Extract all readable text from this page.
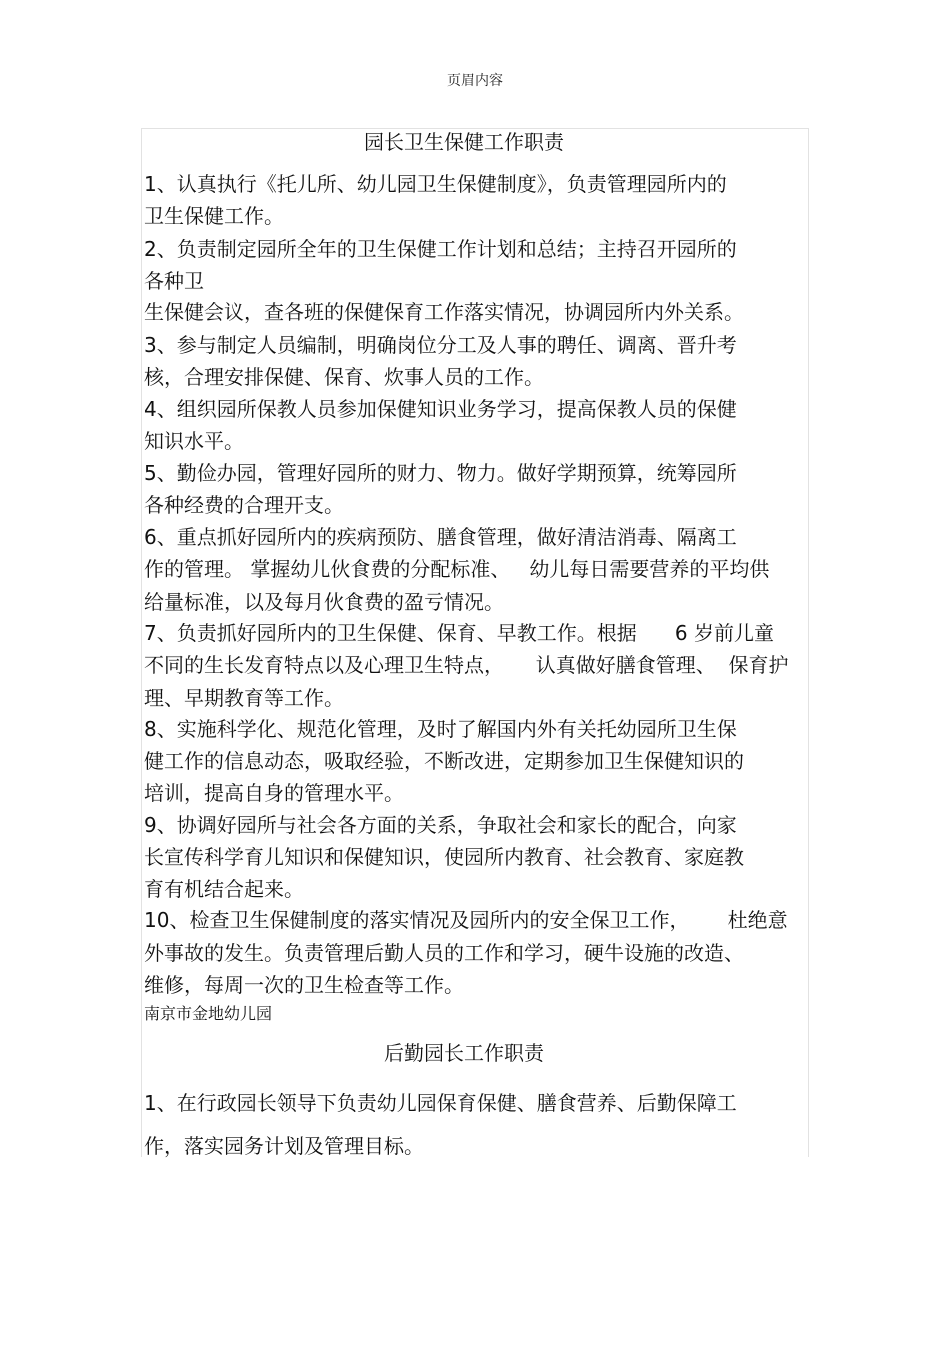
页眉内容
园长卫生保健工作职责
1、认真执行《托儿所、幼儿园卫生保健制度》，负责管理园所内的
卫生保健工作。
2、负责制定园所全年的卫生保健工作计划和总结；主持召开园所的
各种卫
生保健会议，查各班的保健保育工作落实情况，协调园所内外关系。
3、参与制定人员编制，明确岗位分工及人事的聘任、调离、晋升考
核，合理安排保健、保育、炊事人员的工作。
4、组织园所保教人员参加保健知识业务学习，提高保教人员的保健
知识水平。
5、勤俭办园，管理好园所的财力、物力。做好学期预算，统筹园所
各种经费的合理开支。
6、重点抓好园所内的疾病预防、膳食管理，做好清洁消毒、隔离工
作的管理。 掌握幼儿伙食费的分配标准、   幼儿每日需要营养的平均供
给量标准，以及每月伙食费的盈亏情况。
7、负责抓好园所内的卫生保健、保育、早教工作。根据      6 岁前儿童
不同的生长发育特点以及心理卫生特点，     认真做好膳食管理、  保育护
理、早期教育等工作。
8、实施科学化、规范化管理，及时了解国内外有关托幼园所卫生保
健工作的信息动态，吸取经验，不断改进，定期参加卫生保健知识的
培训，提高自身的管理水平。
9、协调好园所与社会各方面的关系，争取社会和家长的配合，向家
长宣传科学育儿知识和保健知识，使园所内教育、社会教育、家庭教
育有机结合起来。
10、检查卫生保健制度的落实情况及园所内的安全保卫工作，      杜绝意
外事故的发生。负责管理后勤人员的工作和学习，硬牛设施的改造、
维修，每周一次的卫生检查等工作。
南京市金地幼儿园
后勤园长工作职责
1、在行政园长领导下负责幼儿园保育保健、膳食营养、后勤保障工
作，落实园务计划及管理目标。
